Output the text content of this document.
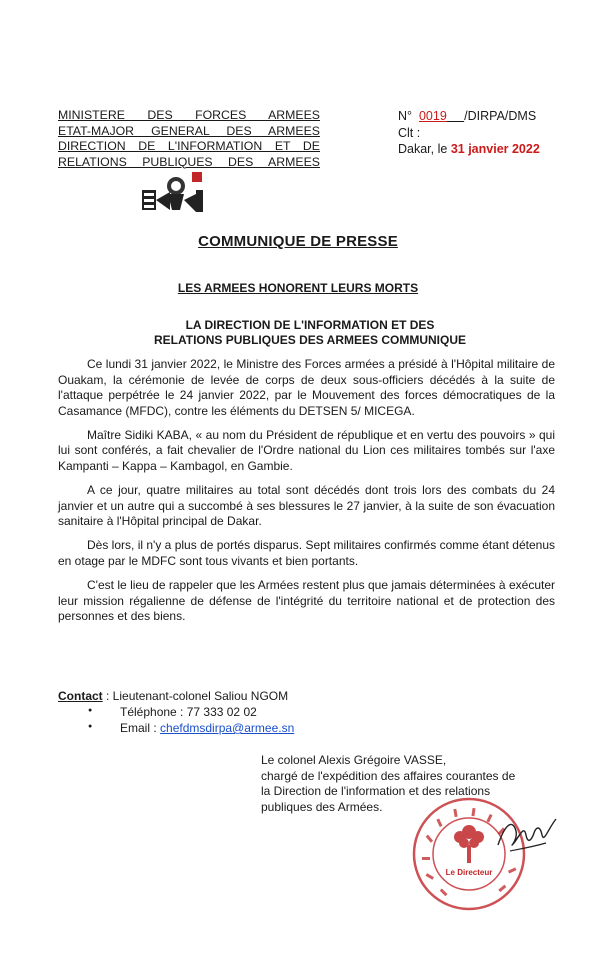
MINISTERE DES FORCES ARMEES
ETAT-MAJOR GENERAL DES ARMEES
DIRECTION DE L'INFORMATION ET DE
RELATIONS PUBLIQUES DES ARMEES
N° 0019 /DIRPA/DMS
Clt :
Dakar, le 31 janvier 2022
COMMUNIQUE DE PRESSE
LES ARMEES HONORENT LEURS MORTS
LA DIRECTION DE L'INFORMATION ET DES
RELATIONS PUBLIQUES DES ARMEES COMMUNIQUE

Ce lundi 31 janvier 2022, le Ministre des Forces armées a présidé à l'Hôpital militaire de Ouakam, la cérémonie de levée de corps de deux sous-officiers décédés à la suite de l'attaque perpétrée le 24 janvier 2022, par le Mouvement des forces démocratiques de la Casamance (MFDC), contre les éléments du DETSEN 5/ MICEGA.

Maître Sidiki KABA, « au nom du Président de république et en vertu des pouvoirs » qui lui sont conférés, a fait chevalier de l'Ordre national du Lion ces militaires tombés sur l'axe Kampanti – Kappa – Kambagol, en Gambie.

A ce jour, quatre militaires au total sont décédés dont trois lors des combats du 24 janvier et un autre qui a succombé à ses blessures le 27 janvier, à la suite de son évacuation sanitaire à l'Hôpital principal de Dakar.

Dès lors, il n'y a plus de portés disparus. Sept militaires confirmés comme étant détenus en otage par le MDFC sont tous vivants et bien portants.

C'est le lieu de rappeler que les Armées restent plus que jamais déterminées à exécuter leur mission régalienne de défense de l'intégrité du territoire national et de protection des personnes et des biens.

Contact : Lieutenant-colonel Saliou NGOM
Téléphone : 77 333 02 02
Email : chefdmsdirpa@armee.sn
●
●
Le colonel Alexis Grégoire VASSE,
chargé de l'expédition des affaires courantes de
la Direction de l'information et des relations
publiques des Armées.
Le Directeur
